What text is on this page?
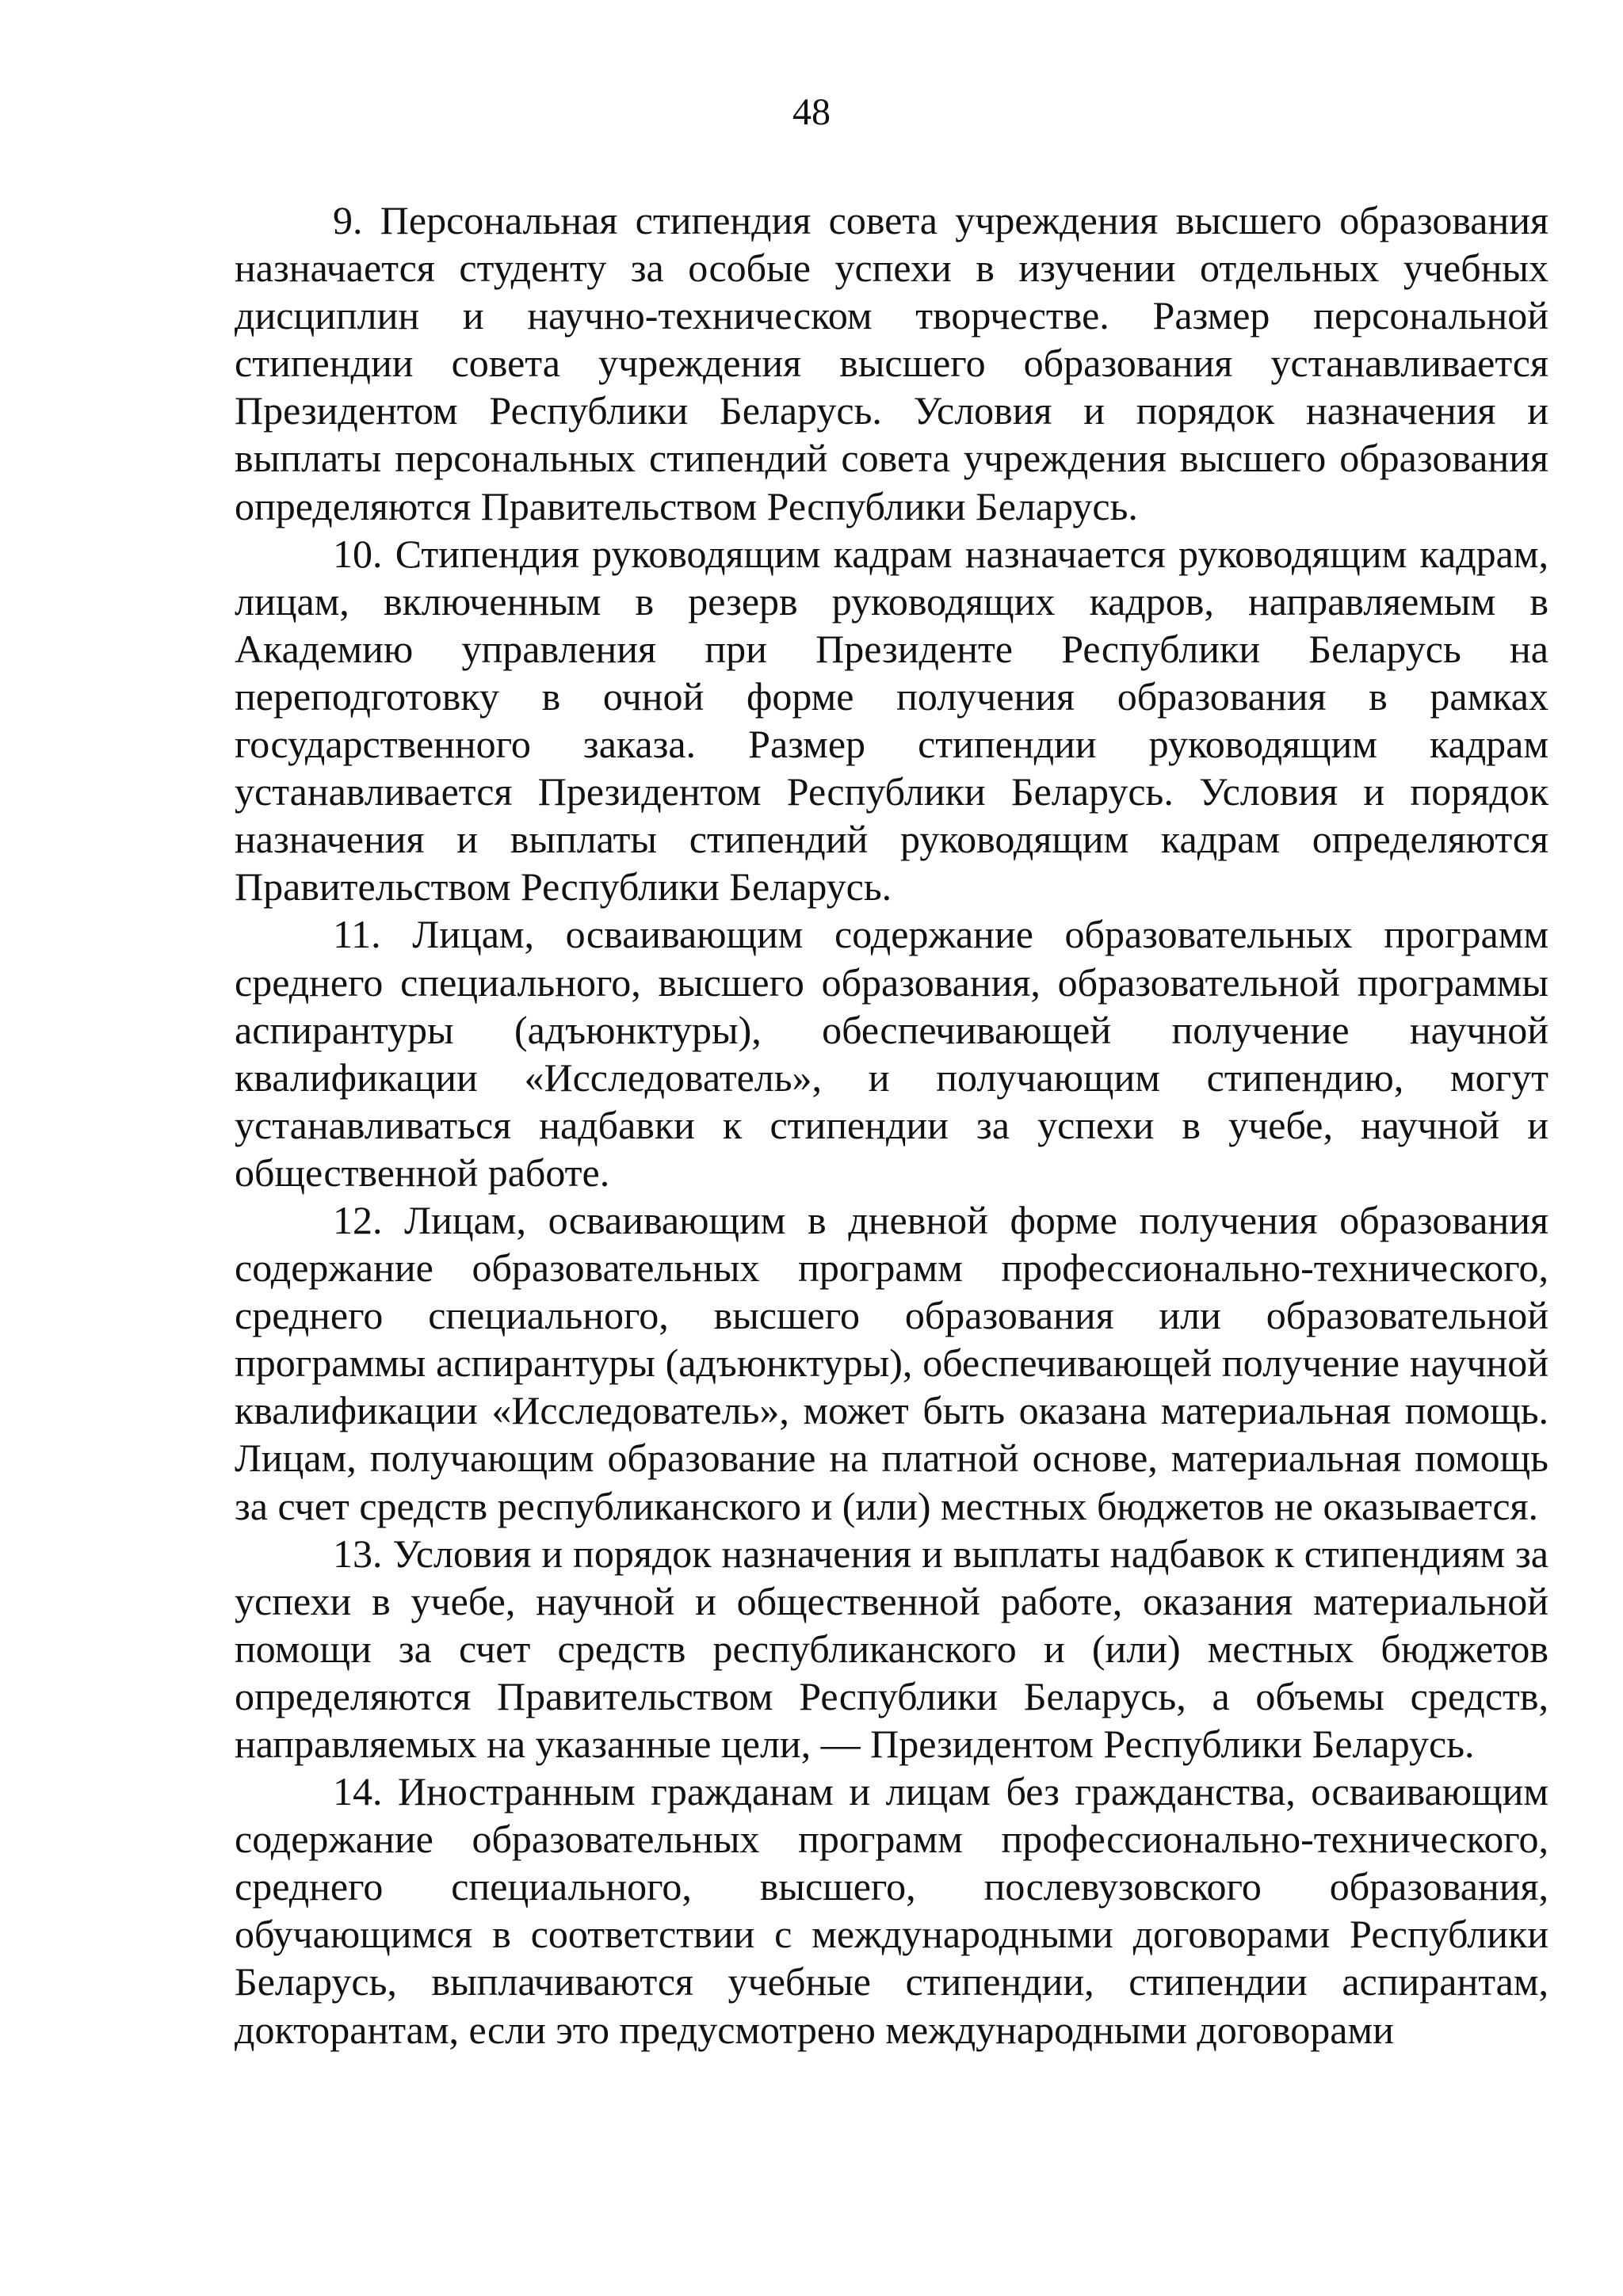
48

9. Персональная стипендия совета учреждения высшего образования назначается студенту за особые успехи в изучении отдельных учебных дисциплин и научно-техническом творчестве. Размер персональной стипендии совета учреждения высшего образования устанавливается Президентом Республики Беларусь. Условия и порядок назначения и выплаты персональных стипендий совета учреждения высшего образования определяются Правительством Республики Беларусь.

10. Стипендия руководящим кадрам назначается руководящим кадрам, лицам, включенным в резерв руководящих кадров, направляемым в Академию управления при Президенте Республики Беларусь на переподготовку в очной форме получения образования в рамках государственного заказа. Размер стипендии руководящим кадрам устанавливается Президентом Республики Беларусь. Условия и порядок назначения и выплаты стипендий руководящим кадрам определяются Правительством Республики Беларусь.

11. Лицам, осваивающим содержание образовательных программ среднего специального, высшего образования, образовательной программы аспирантуры (адъюнктуры), обеспечивающей получение научной квалификации «Исследователь», и получающим стипендию, могут устанавливаться надбавки к стипендии за успехи в учебе, научной и общественной работе.

12. Лицам, осваивающим в дневной форме получения образования содержание образовательных программ профессионально-технического, среднего специального, высшего образования или образовательной программы аспирантуры (адъюнктуры), обеспечивающей получение научной квалификации «Исследователь», может быть оказана материальная помощь. Лицам, получающим образование на платной основе, материальная помощь за счет средств республиканского и (или) местных бюджетов не оказывается.

13. Условия и порядок назначения и выплаты надбавок к стипендиям за успехи в учебе, научной и общественной работе, оказания материальной помощи за счет средств республиканского и (или) местных бюджетов определяются Правительством Республики Беларусь, а объемы средств, направляемых на указанные цели, — Президентом Республики Беларусь.

14. Иностранным гражданам и лицам без гражданства, осваивающим содержание образовательных программ профессионально-технического, среднего специального, высшего, послевузовского образования, обучающимся в соответствии с международными договорами Республики Беларусь, выплачиваются учебные стипендии, стипендии аспирантам, докторантам, если это предусмотрено международными договорами
